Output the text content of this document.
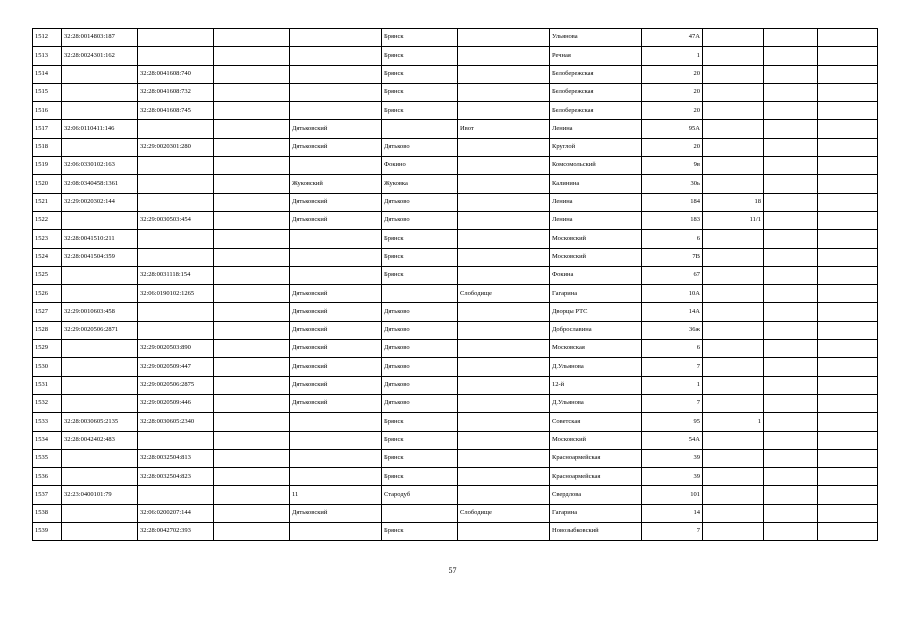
1512	32:28:0014803:187				Брянск		Ульянова	47А			
1513	32:28:0024301:162				Брянск		Речная	1			
1514		32:28:0041608:740			Брянск		Белобережская	20			
1515		32:28:0041608:732			Брянск		Белобережская	20			
1516		32:28:0041608:745			Брянск		Белобережская	20			
1517	32:06:0110411:146			Дятьковский		Ивот	Ленина	95А			
1518		32:29:0020301:280		Дятьковский	Дятьково		Круглой	20			
1519	32:06:0330102:163				Фокино		Комсомольский	9в			
1520	32:08:0340458:1361			Жуковский	Жуковка		Калинина	30ь			
1521	32:29:0020302:144			Дятьковский	Дятьково		Ленина	184	18		
1522		32:29:0030503:454		Дятьковский	Дятьково		Ленина	183	11/1		
1523	32:28:0041510:211				Брянск		Московский	6			
1524	32:28:0041504:359				Брянск		Московский	7В			
1525		32:28:0031118:154			Брянск		Фокина	67			
1526		32:06:0190102:1265		Дятьковский		Слободище	Гагарина	10А			
1527	32:29:0010603:458			Дятьковский	Дятьково		Дворцы РТС	14А			
1528	32:29:0020506:2871			Дятьковский	Дятьково		Доброславина	36ж			
1529		32:29:0020503:890		Дятьковский	Дятьково		Московская	6			
1530		32:29:0020509:447		Дятьковский	Дятьково		Д.Ульянова	7			
1531		32:29:0020506:2875		Дятьковский	Дятьково		12-й	1			
1532		32:29:0020509:446		Дятьковский	Дятьково		Д.Ульянова	7			
1533	32:28:0030605:2135	32:28:0030605:2340			Брянск		Советская	95	1		
1534	32:28:0042402:483				Брянск		Московский	54А			
1535		32:28:0032504:813			Брянск		Красноармейская	39			
1536		32:28:0032504:823			Брянск		Красноармейская	39			
1537	32:23:0400101:79			11	Стародуб		Свердлова	101			
1538		32:06:0200207:144		Дятьковский		Слободище	Гагарина	14			
1539		32:28:0042702:393			Брянск		Новозыбковский	7			
57
